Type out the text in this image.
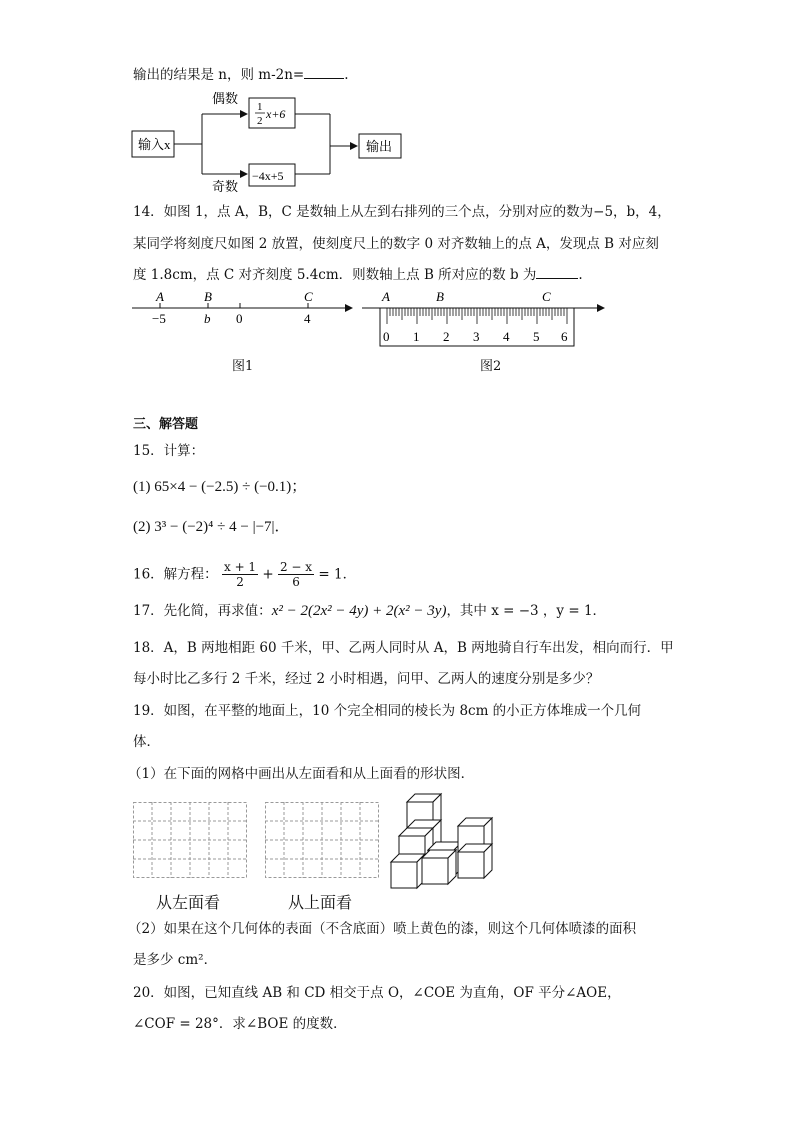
输出的结果是 n，则 m-2n=	.
输入x
偶数
奇数
1
2 x+6
−4x+5
输出
14．如图 1，点 A，B，C 是数轴上从左到右排列的三个点，分别对应的数为−5，b，4，
某同学将刻度尺如图 2 放置，使刻度尺上的数字 0 对齐数轴上的点 A，发现点 B 对应刻
度 1.8cm，点 C 对齐刻度 5.4cm．则数轴上点 B 所对应的数 b 为	.
A	B	C
−5	b 0	4
图1
A	B	C
0 1 2 3 4 5 6
图2
三、解答题
15．计算：
(1) 65×4 − (−2.5) ÷ (−0.1)；
(2) 3³ − (−2)⁴ ÷ 4 − |−7|．
16．解方程： $\frac{x + 1}{2} + \frac{2 - x}{6} = 1$．
17．先化简，再求值：x² − 2(2x² − 4y) + 2(x² − 3y)，其中 x = −3 ，y = 1．
18．A，B 两地相距 60 千米，甲、乙两人同时从 A，B 两地骑自行车出发，相向而行．甲
每小时比乙多行 2 千米，经过 2 小时相遇，问甲、乙两人的速度分别是多少？
19．如图，在平整的地面上，10 个完全相同的棱长为 8cm 的小正方体堆成一个几何
体．
（1）在下面的网格中画出从左面看和从上面看的形状图．
从左面看	从上面看
（2）如果在这个几何体的表面（不含底面）喷上黄色的漆，则这个几何体喷漆的面积
是多少 cm²．
20．如图，已知直线 AB 和 CD 相交于点 O，∠COE 为直角，OF 平分∠AOE，
∠COF = 28°．求∠BOE 的度数．
